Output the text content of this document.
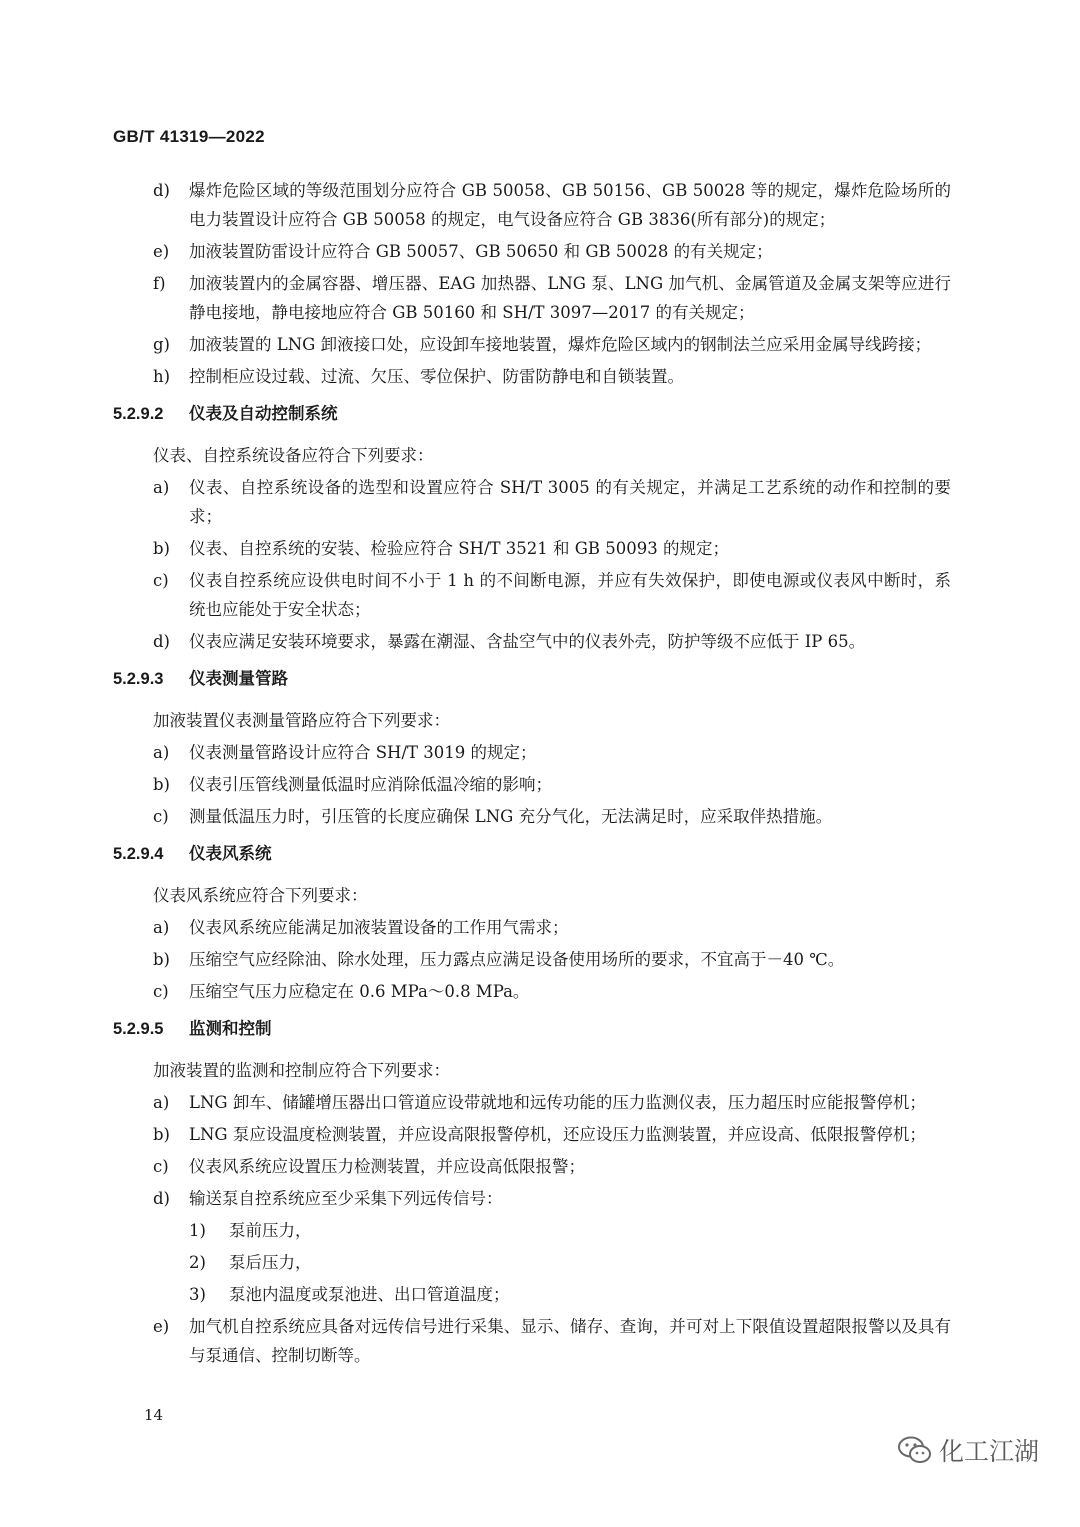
GB/T 41319—2022
d) 爆炸危险区域的等级范围划分应符合 GB 50058、GB 50156、GB 50028 等的规定，爆炸危险场所的电力装置设计应符合 GB 50058 的规定，电气设备应符合 GB 3836(所有部分)的规定；
e) 加液装置防雷设计应符合 GB 50057、GB 50650 和 GB 50028 的有关规定；
f) 加液装置内的金属容器、增压器、EAG 加热器、LNG 泵、LNG 加气机、金属管道及金属支架等应进行静电接地，静电接地应符合 GB 50160 和 SH/T 3097—2017 的有关规定；
g) 加液装置的 LNG 卸液接口处，应设卸车接地装置，爆炸危险区域内的钢制法兰应采用金属导线跨接；
h) 控制柜应设过载、过流、欠压、零位保护、防雷防静电和自锁装置。
5.2.9.2 仪表及自动控制系统
仪表、自控系统设备应符合下列要求：
a) 仪表、自控系统设备的选型和设置应符合 SH/T 3005 的有关规定，并满足工艺系统的动作和控制的要求；
b) 仪表、自控系统的安装、检验应符合 SH/T 3521 和 GB 50093 的规定；
c) 仪表自控系统应设供电时间不小于 1 h 的不间断电源，并应有失效保护，即使电源或仪表风中断时，系统也应能处于安全状态；
d) 仪表应满足安装环境要求，暴露在潮湿、含盐空气中的仪表外壳，防护等级不应低于 IP 65。
5.2.9.3 仪表测量管路
加液装置仪表测量管路应符合下列要求：
a) 仪表测量管路设计应符合 SH/T 3019 的规定；
b) 仪表引压管线测量低温时应消除低温冷缩的影响；
c) 测量低温压力时，引压管的长度应确保 LNG 充分气化，无法满足时，应采取伴热措施。
5.2.9.4 仪表风系统
仪表风系统应符合下列要求：
a) 仪表风系统应能满足加液装置设备的工作用气需求；
b) 压缩空气应经除油、除水处理，压力露点应满足设备使用场所的要求，不宜高于－40 ℃。
c) 压缩空气压力应稳定在 0.6 MPa～0.8 MPa。
5.2.9.5 监测和控制
加液装置的监测和控制应符合下列要求：
a) LNG 卸车、储罐增压器出口管道应设带就地和远传功能的压力监测仪表，压力超压时应能报警停机；
b) LNG 泵应设温度检测装置，并应设高限报警停机，还应设压力监测装置，并应设高、低限报警停机；
c) 仪表风系统应设置压力检测装置，并应设高低限报警；
d) 输送泵自控系统应至少采集下列远传信号：
1) 泵前压力，
2) 泵后压力，
3) 泵池内温度或泵池进、出口管道温度；
e) 加气机自控系统应具备对远传信号进行采集、显示、储存、查询，并可对上下限值设置超限报警以及具有与泵通信、控制切断等。
14
化工江湖
